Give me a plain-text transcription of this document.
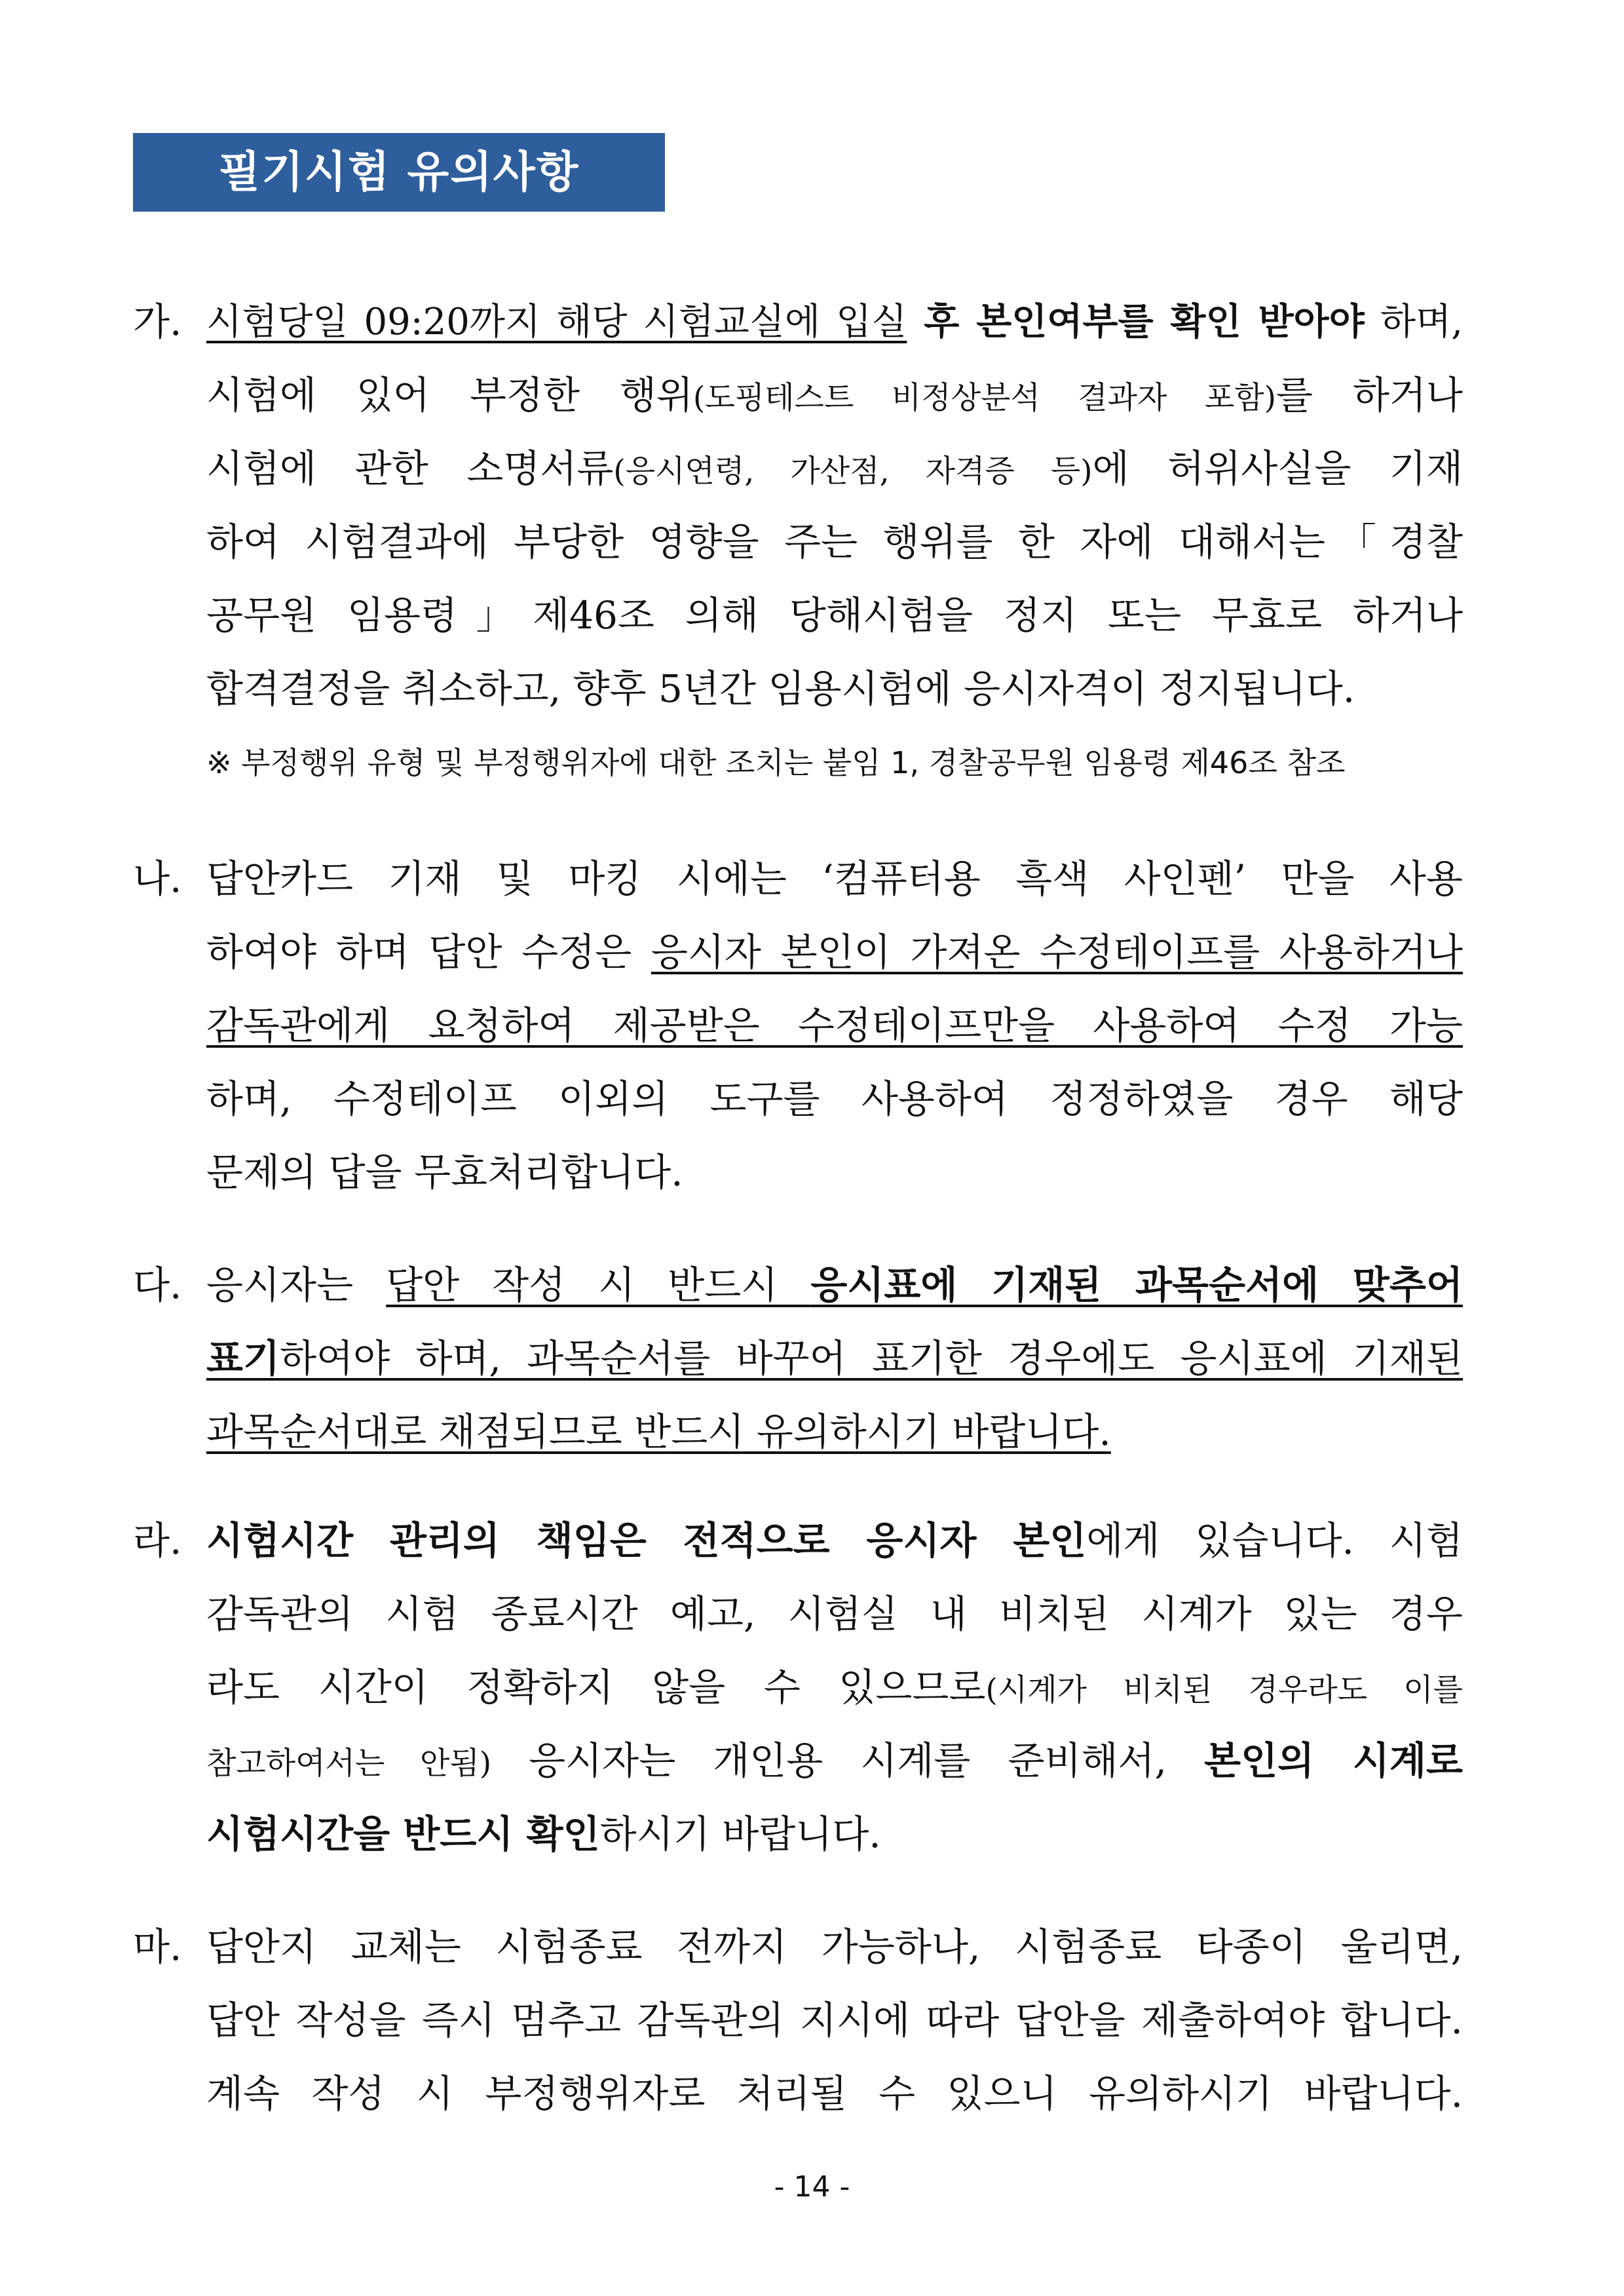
필기시험 유의사항
가. 시험당일 09:20까지 해당 시험교실에 입실 후 본인여부를 확인 받아야 하며,
시험에 있어 부정한 행위(도핑테스트 비정상분석 결과자 포함)를 하거나
시험에 관한 소명서류(응시연령, 가산점, 자격증 등)에 허위사실을 기재
하여 시험결과에 부당한 영향을 주는 행위를 한 자에 대해서는「경찰
공무원 임용령」제46조 의해 당해시험을 정지 또는 무효로 하거나
합격결정을 취소하고, 향후 5년간 임용시험에 응시자격이 정지됩니다.
※ 부정행위 유형 및 부정행위자에 대한 조치는 붙임 1, 경찰공무원 임용령 제46조 참조
나. 답안카드 기재 및 마킹 시에는 ‘컴퓨터용 흑색 사인펜’ 만을 사용
하여야 하며 답안 수정은 응시자 본인이 가져온 수정테이프를 사용하거나
감독관에게 요청하여 제공받은 수정테이프만을 사용하여 수정 가능
하며, 수정테이프 이외의 도구를 사용하여 정정하였을 경우 해당
문제의 답을 무효처리합니다.
다. 응시자는 답안 작성 시 반드시 응시표에 기재된 과목순서에 맞추어
표기하여야 하며, 과목순서를 바꾸어 표기한 경우에도 응시표에 기재된
과목순서대로 채점되므로 반드시 유의하시기 바랍니다.
라. 시험시간 관리의 책임은 전적으로 응시자 본인에게 있습니다. 시험
감독관의 시험 종료시간 예고, 시험실 내 비치된 시계가 있는 경우
라도 시간이 정확하지 않을 수 있으므로(시계가 비치된 경우라도 이를
참고하여서는 안됨) 응시자는 개인용 시계를 준비해서, 본인의 시계로
시험시간을 반드시 확인하시기 바랍니다.
마. 답안지 교체는 시험종료 전까지 가능하나, 시험종료 타종이 울리면,
답안 작성을 즉시 멈추고 감독관의 지시에 따라 답안을 제출하여야 합니다.
계속 작성 시 부정행위자로 처리될 수 있으니 유의하시기 바랍니다.
- 14 -
